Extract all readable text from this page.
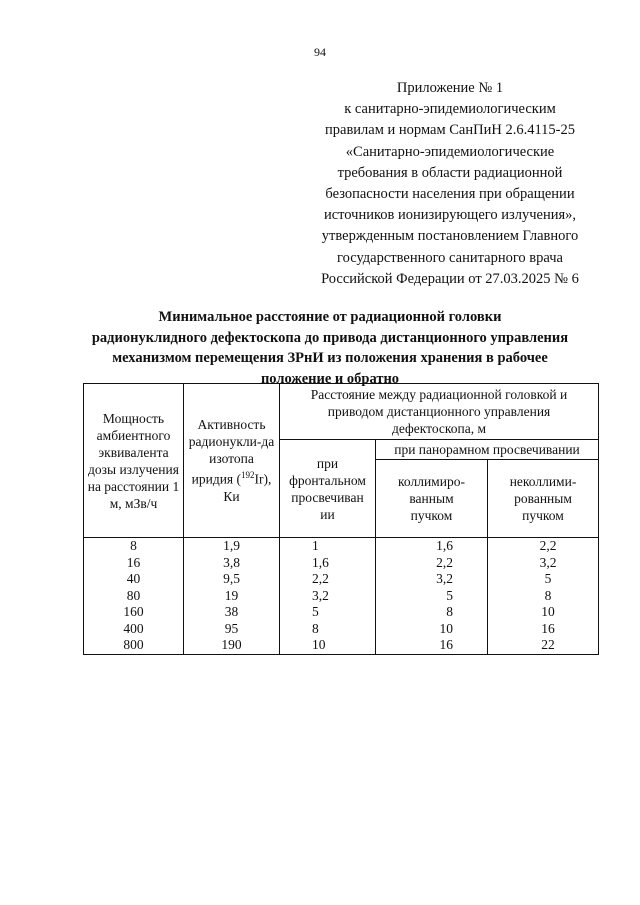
94
Приложение № 1
к санитарно-эпидемиологическим
правилам и нормам СанПиН 2.6.4115-25
«Санитарно-эпидемиологические
требования в области радиационной
безопасности населения при обращении
источников ионизирующего излучения»,
утвержденным постановлением Главного
государственного санитарного врача
Российской Федерации от 27.03.2025 № 6
Минимальное расстояние от радиационной головки
радионуклидного дефектоскопа до привода дистанционного управления
механизмом перемещения ЗРнИ из положения хранения в рабочее
положение и обратно
Мощность амбиентного эквивалента дозы излучения на расстоянии 1 м, мЗв/ч	Активность радионукли-да изотопа иридия ($^{192}$Ir), Ки	Расстояние между радиационной головкой и приводом дистанционного управления дефектоскопа, м		
		при фронтальном просвечиван ии	при панорамном просвечивании	
			коллимиро-ванным пучком	неколлими-рованным пучком
8	1,9	1	1,6	2,2
16	3,8	1,6	2,2	3,2
40	9,5	2,2	3,2	5
80	19	3,2	5	8
160	38	5	8	10
400	95	8	10	16
800	190	10	16	22
